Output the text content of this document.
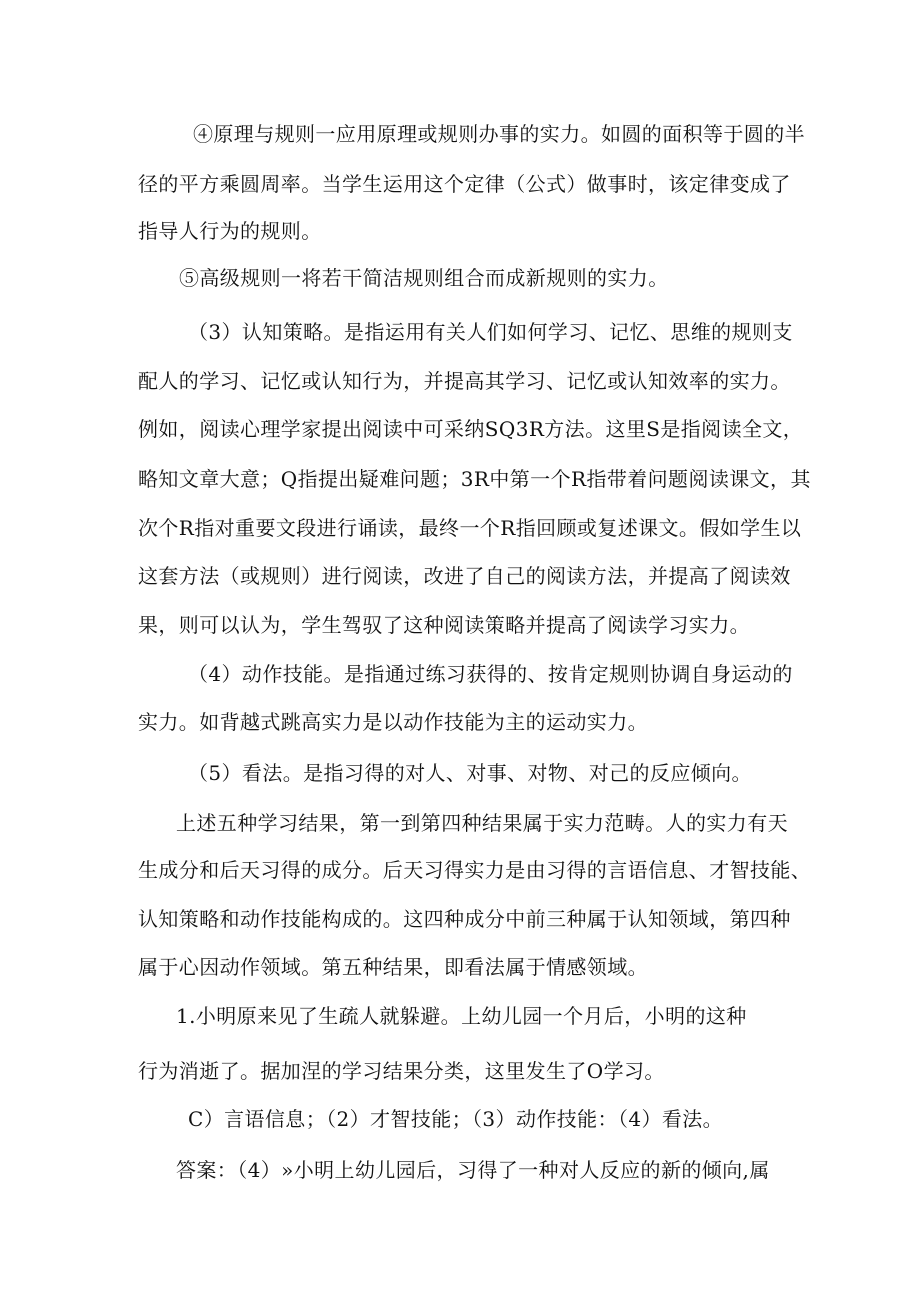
④原理与规则一应用原理或规则办事的实力。如圆的面积等于圆的半
径的平方乘圆周率。当学生运用这个定律（公式）做事时，该定律变成了
指导人行为的规则。
⑤高级规则一将若干简洁规则组合而成新规则的实力。
（3）认知策略。是指运用有关人们如何学习、记忆、思维的规则支
配人的学习、记忆或认知行为，并提高其学习、记忆或认知效率的实力。
例如，阅读心理学家提出阅读中可采纳SQ3R方法。这里S是指阅读全文，
略知文章大意；Q指提出疑难问题；3R中第一个R指带着问题阅读课文，其
次个R指对重要文段进行诵读，最终一个R指回顾或复述课文。假如学生以
这套方法（或规则）进行阅读，改进了自己的阅读方法，并提高了阅读效
果，则可以认为，学生驾驭了这种阅读策略并提高了阅读学习实力。
（4）动作技能。是指通过练习获得的、按肯定规则协调自身运动的
实力。如背越式跳高实力是以动作技能为主的运动实力。
（5）看法。是指习得的对人、对事、对物、对己的反应倾向。
上述五种学习结果，第一到第四种结果属于实力范畴。人的实力有天
生成分和后天习得的成分。后天习得实力是由习得的言语信息、才智技能、
认知策略和动作技能构成的。这四种成分中前三种属于认知领域，第四种
属于心因动作领域。第五种结果，即看法属于情感领域。
1.小明原来见了生疏人就躲避。上幼儿园一个月后，小明的这种
行为消逝了。据加涅的学习结果分类，这里发生了O学习。
C）言语信息；（2）才智技能；（3）动作技能：（4）看法。
答案：（4）»小明上幼儿园后，习得了一种对人反应的新的倾向,属
